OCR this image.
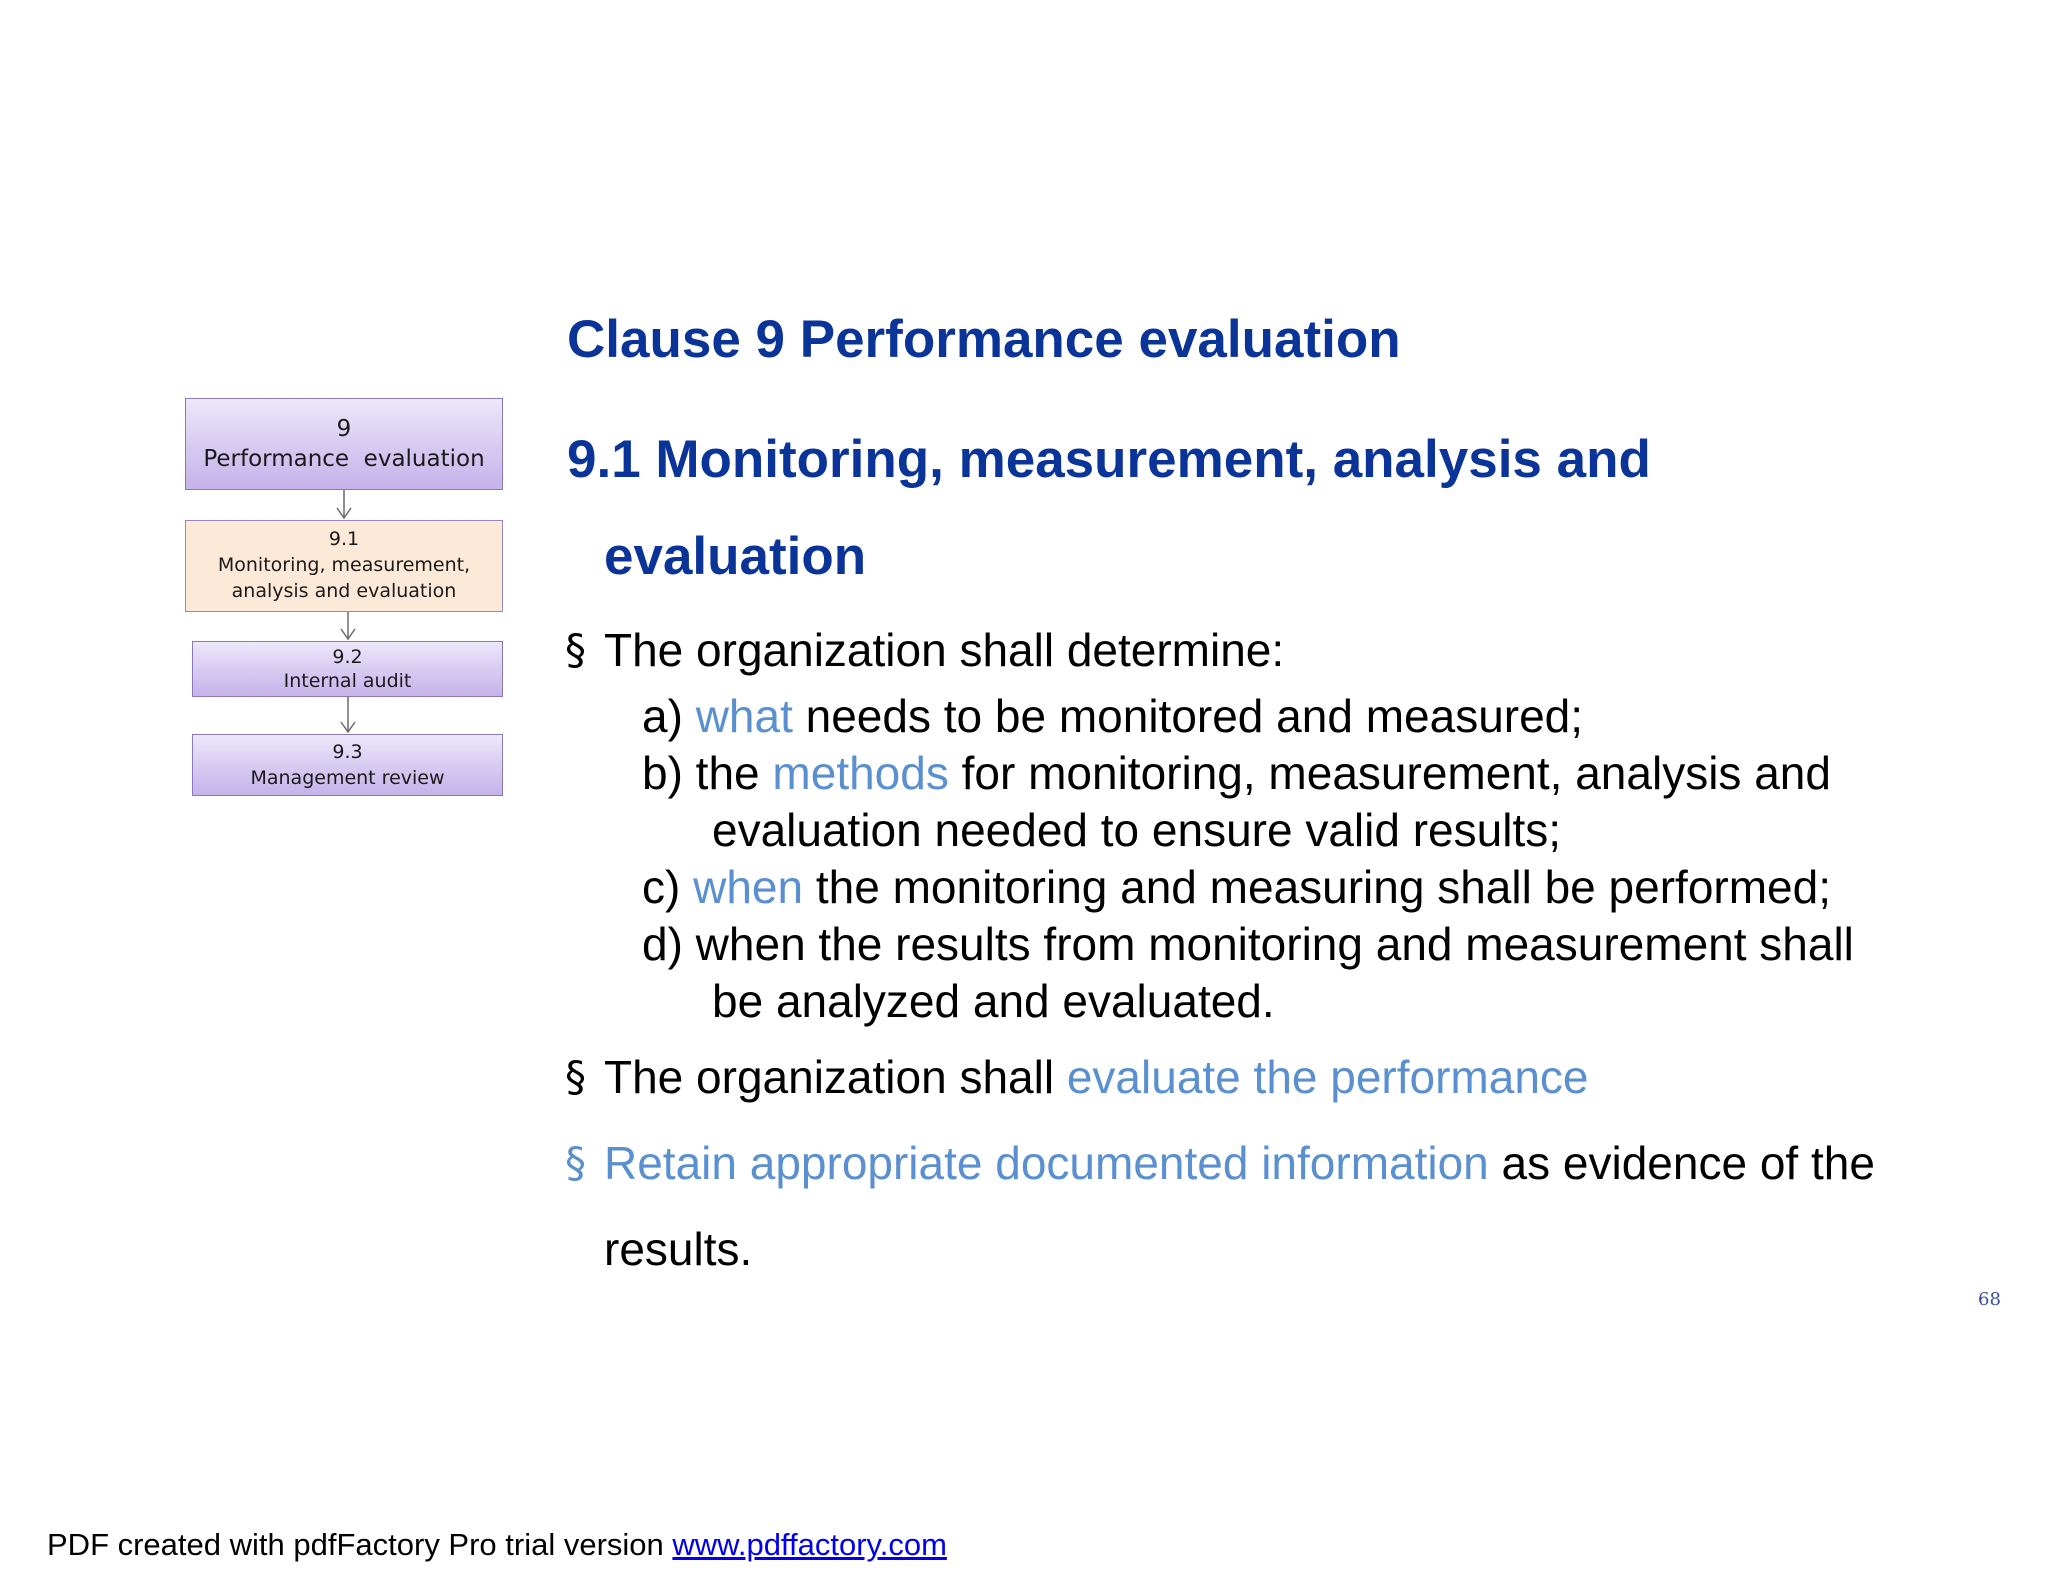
9
Performance  evaluation
9.1
Monitoring, measurement,
analysis and evaluation
9.2
Internal audit
9.3
Management review
Clause 9 Performance evaluation
9.1 Monitoring, measurement, analysis and
evaluation
§ The organization shall determine:

a) what needs to be monitored and measured;

b) the methods for monitoring, measurement, analysis and

evaluation needed to ensure valid results;

c) when the monitoring and measuring shall be performed;

d) when the results from monitoring and measurement shall

be analyzed and evaluated.

§ The organization shall evaluate the performance

§ Retain appropriate documented information as evidence of the

results.

68
PDF created with pdfFactory Pro trial version www.pdffactory.com
